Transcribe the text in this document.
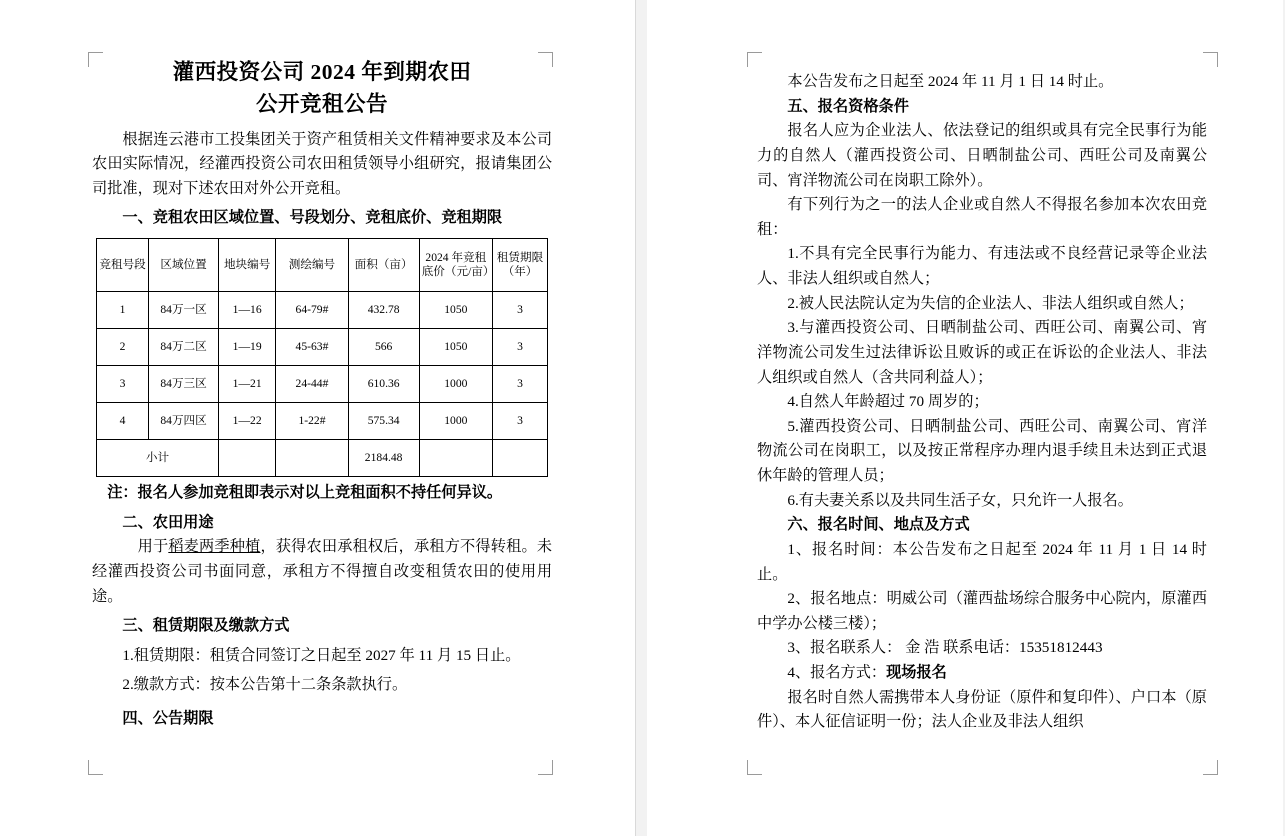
灌西投资公司 2024 年到期农田
公开竞租公告

根据连云港市工投集团关于资产租赁相关文件精神要求及本公司农田实际情况，经灌西投资公司农田租赁领导小组研究，报请集团公司批准，现对下述农田对外公开竞租。

一、竞租农田区域位置、号段划分、竞租底价、竞租期限
竞租号段	区域位置	地块编号	测绘编号	面积（亩）	2024 年竞租底价（元/亩）	租赁期限（年）
1	84万一区	1—16	64-79#	432.78	1050	3
2	84万二区	1—19	45-63#	566	1050	3
3	84万三区	1—21	24-44#	610.36	1000	3
4	84万四区	1—22	1-22#	575.34	1000	3
小计				2184.48		

注：报名人参加竞租即表示对以上竞租面积不持任何异议。

二、农田用途

用于稻麦两季种植，获得农田承租权后，承租方不得转租。未经灌西投资公司书面同意，承租方不得擅自改变租赁农田的使用用途。

三、租赁期限及缴款方式

1.租赁期限：租赁合同签订之日起至 2027 年 11 月 15 日止。

2.缴款方式：按本公告第十二条条款执行。

四、公告期限

本公告发布之日起至 2024 年 11 月 1 日 14 时止。

五、报名资格条件

报名人应为企业法人、依法登记的组织或具有完全民事行为能力的自然人（灌西投资公司、日晒制盐公司、西旺公司及南翼公司、宵洋物流公司在岗职工除外）。

有下列行为之一的法人企业或自然人不得报名参加本次农田竞租：

1.不具有完全民事行为能力、有违法或不良经营记录等企业法人、非法人组织或自然人；

2.被人民法院认定为失信的企业法人、非法人组织或自然人；

3.与灌西投资公司、日晒制盐公司、西旺公司、南翼公司、宵洋物流公司发生过法律诉讼且败诉的或正在诉讼的企业法人、非法人组织或自然人（含共同利益人）；

4.自然人年龄超过 70 周岁的；

5.灌西投资公司、日晒制盐公司、西旺公司、南翼公司、宵洋物流公司在岗职工，以及按正常程序办理内退手续且未达到正式退休年龄的管理人员；

6.有夫妻关系以及共同生活子女，只允许一人报名。

六、报名时间、地点及方式

1、报名时间：本公告发布之日起至 2024 年 11 月 1 日 14 时止。

2、报名地点：明威公司（灌西盐场综合服务中心院内，原灌西中学办公楼三楼）；

3、报名联系人： 金 浩 联系电话：15351812443

4、报名方式：现场报名

报名时自然人需携带本人身份证（原件和复印件）、户口本（原件）、本人征信证明一份；法人企业及非法人组织
